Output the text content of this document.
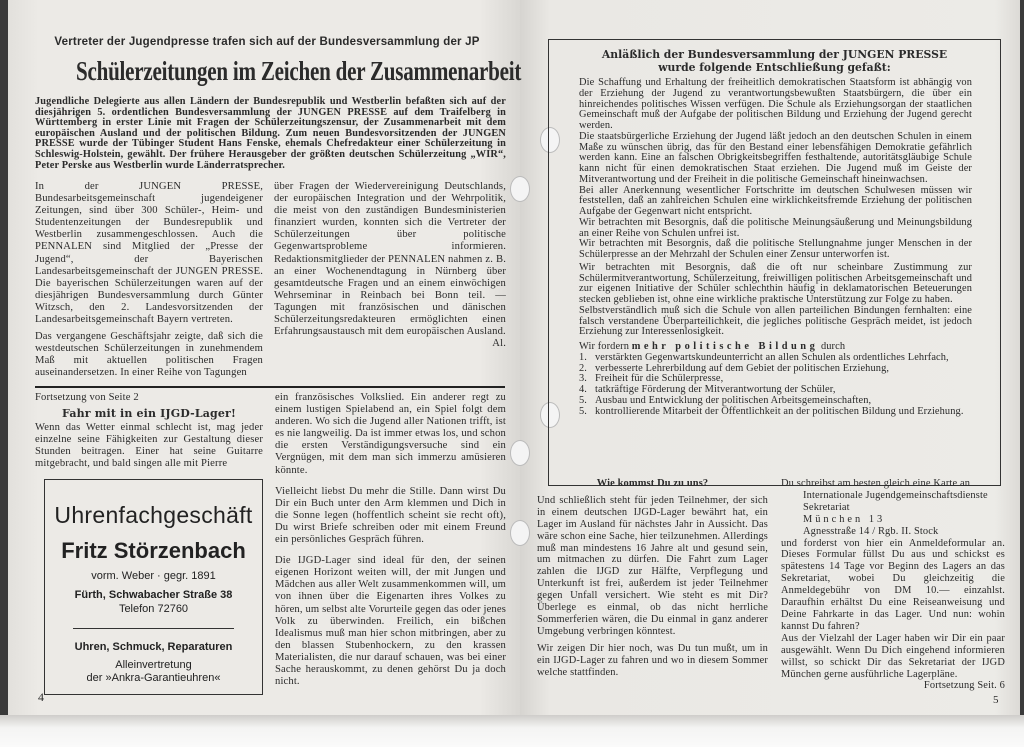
Vertreter der Jugendpresse trafen sich auf der Bundesversammlung der JP
Schülerzeitungen im Zeichen der Zusammenarbeit
Jugendliche Delegierte aus allen Ländern der Bundesrepublik und Westberlin befaßten sich auf der diesjährigen 5. ordentlichen Bundesversammlung der JUNGEN PRESSE auf dem Traifelberg in Württemberg in erster Linie mit Fragen der Schülerzeitungszensur, der Zusammenarbeit mit dem europäischen Ausland und der politischen Bildung. Zum neuen Bundesvorsitzenden der JUNGEN PRESSE wurde der Tübinger Student Hans Fenske, ehemals Chefredakteur einer Schülerzeitung in Schleswig-Holstein, gewählt. Der frühere Herausgeber der größten deutschen Schülerzeitung „WIR“, Peter Perske aus Westberlin wurde Länderratsprecher.

In der JUNGEN PRESSE, Bundesarbeitsgemeinschaft jugendeigener Zeitungen, sind über 300 Schüler-, Heim- und Studentenzeitungen der Bundesrepublik und Westberlin zusammengeschlossen. Auch die PENNALEN sind Mitglied der „Presse der Jugend“, der Bayerischen Landesarbeitsgemeinschaft der JUNGEN PRESSE. Die bayerischen Schülerzeitungen waren auf der diesjährigen Bundesversammlung durch Günter Witzsch, den 2. Landesvorsitzenden der Landesarbeitsgemeinschaft Bayern vertreten.

Das vergangene Geschäftsjahr zeigte, daß sich die westdeutschen Schülerzeitungen in zunehmendem Maß mit aktuellen politischen Fragen auseinandersetzen. In einer Reihe von Tagungen

über Fragen der Wiedervereinigung Deutschlands, der europäischen Integration und der Wehrpolitik, die meist von den zuständigen Bundesministerien finanziert wurden, konnten sich die Vertreter der Schülerzeitungen über politische Gegenwartsprobleme informieren. Redaktionsmitglieder der PENNALEN nahmen z. B. an einer Wochenendtagung in Nürnberg über gesamtdeutsche Fragen und an einem einwöchigen Wehrseminar in Reinbach bei Bonn teil. — Tagungen mit französischen und dänischen Schülerzeitungsredakteuren ermöglichten einen Erfahrungsaustausch mit dem europäischen Ausland.
Al.

Fortsetzung von Seite 2

Fahr mit in ein IJGD-Lager!

Wenn das Wetter einmal schlecht ist, mag jeder einzelne seine Fähigkeiten zur Gestaltung dieser Stunden beitragen. Einer hat seine Guitarre mitgebracht, und bald singen alle mit Pierre

Uhrenfachgeschäft
Fritz Störzenbach
vorm. Weber · gegr. 1891
Fürth, Schwabacher Straße 38
Telefon 72760
Uhren, Schmuck, Reparaturen
Alleinvertretung
der »Ankra-Garantieuhren«
4

ein französisches Volkslied. Ein anderer regt zu einem lustigen Spielabend an, ein Spiel folgt dem anderen. Wo sich die Jugend aller Nationen trifft, ist es nie langweilig. Da ist immer etwas los, und schon die ersten Verständigungsversuche sind ein Vergnügen, mit dem man sich immerzu amüsieren könnte.

Vielleicht liebst Du mehr die Stille. Dann wirst Du Dir ein Buch unter den Arm klemmen und Dich in die Sonne legen (hoffentlich scheint sie recht oft), Du wirst Briefe schreiben oder mit einem Freund ein persönliches Gespräch führen.

Die IJGD-Lager sind ideal für den, der seinen eigenen Horizont weiten will, der mit Jungen und Mädchen aus aller Welt zusammenkommen will, um von ihnen über die Eigenarten ihres Volkes zu hören, um selbst alte Vorurteile gegen das oder jenes Volk zu überwinden. Freilich, ein bißchen Idealismus muß man hier schon mitbringen, aber zu den blassen Stubenhockern, zu den krassen Materialisten, die nur darauf schauen, was bei einer Sache herauskommt, zu denen gehörst Du ja doch nicht.

Anläßlich der Bundesversammlung der JUNGEN PRESSE
wurde folgende Entschließung gefaßt:

Die Schaffung und Erhaltung der freiheitlich demokratischen Staatsform ist abhängig von der Erziehung der Jugend zu verantwortungsbewußten Staatsbürgern, die über ein hinreichendes politisches Wissen verfügen. Die Schule als Erziehungsorgan der staatlichen Gemeinschaft muß der Aufgabe der politischen Bildung und Erziehung der Jugend gerecht werden.

Die staatsbürgerliche Erziehung der Jugend läßt jedoch an den deutschen Schulen in einem Maße zu wünschen übrig, das für den Bestand einer lebensfähigen Demokratie gefährlich werden kann. Eine an falschen Obrigkeitsbegriffen festhaltende, autoritätsgläubige Schule kann nicht für einen demokratischen Staat erziehen. Die Jugend muß im Geiste der Mitverantwortung und der Freiheit in die politische Gemeinschaft hineinwachsen.

Bei aller Anerkennung wesentlicher Fortschritte im deutschen Schulwesen müssen wir feststellen, daß an zahlreichen Schulen eine wirklichkeitsfremde Erziehung der politischen Aufgabe der Gegenwart nicht entspricht.

Wir betrachten mit Besorgnis, daß die politische Meinungsäußerung und Meinungsbildung an einer Reihe von Schulen unfrei ist.

Wir betrachten mit Besorgnis, daß die politische Stellungnahme junger Menschen in der Schülerpresse an der Mehrzahl der Schulen einer Zensur unterworfen ist.

Wir betrachten mit Besorgnis, daß die oft nur scheinbare Zustimmung zur Schülermitverantwortung, Schülerzeitung, freiwilligen politischen Arbeitsgemeinschaft und zur eigenen Initiative der Schüler schlechthin häufig in deklamatorischen Beteuerungen stecken geblieben ist, ohne eine wirkliche praktische Unterstützung zur Folge zu haben.

Selbstverständlich muß sich die Schule von allen parteilichen Bindungen fernhalten: eine falsch verstandene Überparteilichkeit, die jegliches politische Gespräch meidet, ist jedoch Erziehung zur Interessenlosigkeit.

Wir fordern mehr politische Bildung durch

1. verstärkten Gegenwartskundeunterricht an allen Schulen als ordentliches Lehrfach,
2. verbesserte Lehrerbildung auf dem Gebiet der politischen Erziehung,
3. Freiheit für die Schülerpresse,
4. tatkräftige Förderung der Mitverantwortung der Schüler,
5. Ausbau und Entwicklung der politischen Arbeitsgemeinschaften,
5. kontrollierende Mitarbeit der Öffentlichkeit an der politischen Bildung und Erziehung.

Wie kommst Du zu uns?

Und schließlich steht für jeden Teilnehmer, der sich in einem deutschen IJGD-Lager bewährt hat, ein Lager im Ausland für nächstes Jahr in Aussicht. Das wäre schon eine Sache, hier teilzunehmen. Allerdings muß man mindestens 16 Jahre alt und gesund sein, um mitmachen zu dürfen. Die Fahrt zum Lager zahlen die IJGD zur Hälfte, Verpflegung und Unterkunft ist frei, außerdem ist jeder Teilnehmer gegen Unfall versichert. Wie steht es mit Dir? Überlege es einmal, ob das nicht herrliche Sommerferien wären, die Du einmal in ganz anderer Umgebung verbringen könntest.

Wir zeigen Dir hier noch, was Du tun mußt, um in ein IJGD-Lager zu fahren und wo in diesem Sommer welche stattfinden.

Du schreibst am besten gleich eine Karte an

Internationale Jugendgemeinschaftsdienste
Sekretariat
München 13
Agnesstraße 14 / Rgb. II. Stock

und forderst von hier ein Anmeldeformular an. Dieses Formular füllst Du aus und schickst es spätestens 14 Tage vor Beginn des Lagers an das Sekretariat, wobei Du gleichzeitig die Anmeldegebühr von DM 10.— einzahlst. Daraufhin erhältst Du eine Reiseanweisung und Deine Fahrkarte in das Lager. Und nun: wohin kannst Du fahren?

Aus der Vielzahl der Lager haben wir Dir ein paar ausgewählt. Wenn Du Dich eingehend informieren willst, so schickt Dir das Sekretariat der IJGD München gerne ausführliche Lagerpläne.
Fortsetzung Seit. 6

5
